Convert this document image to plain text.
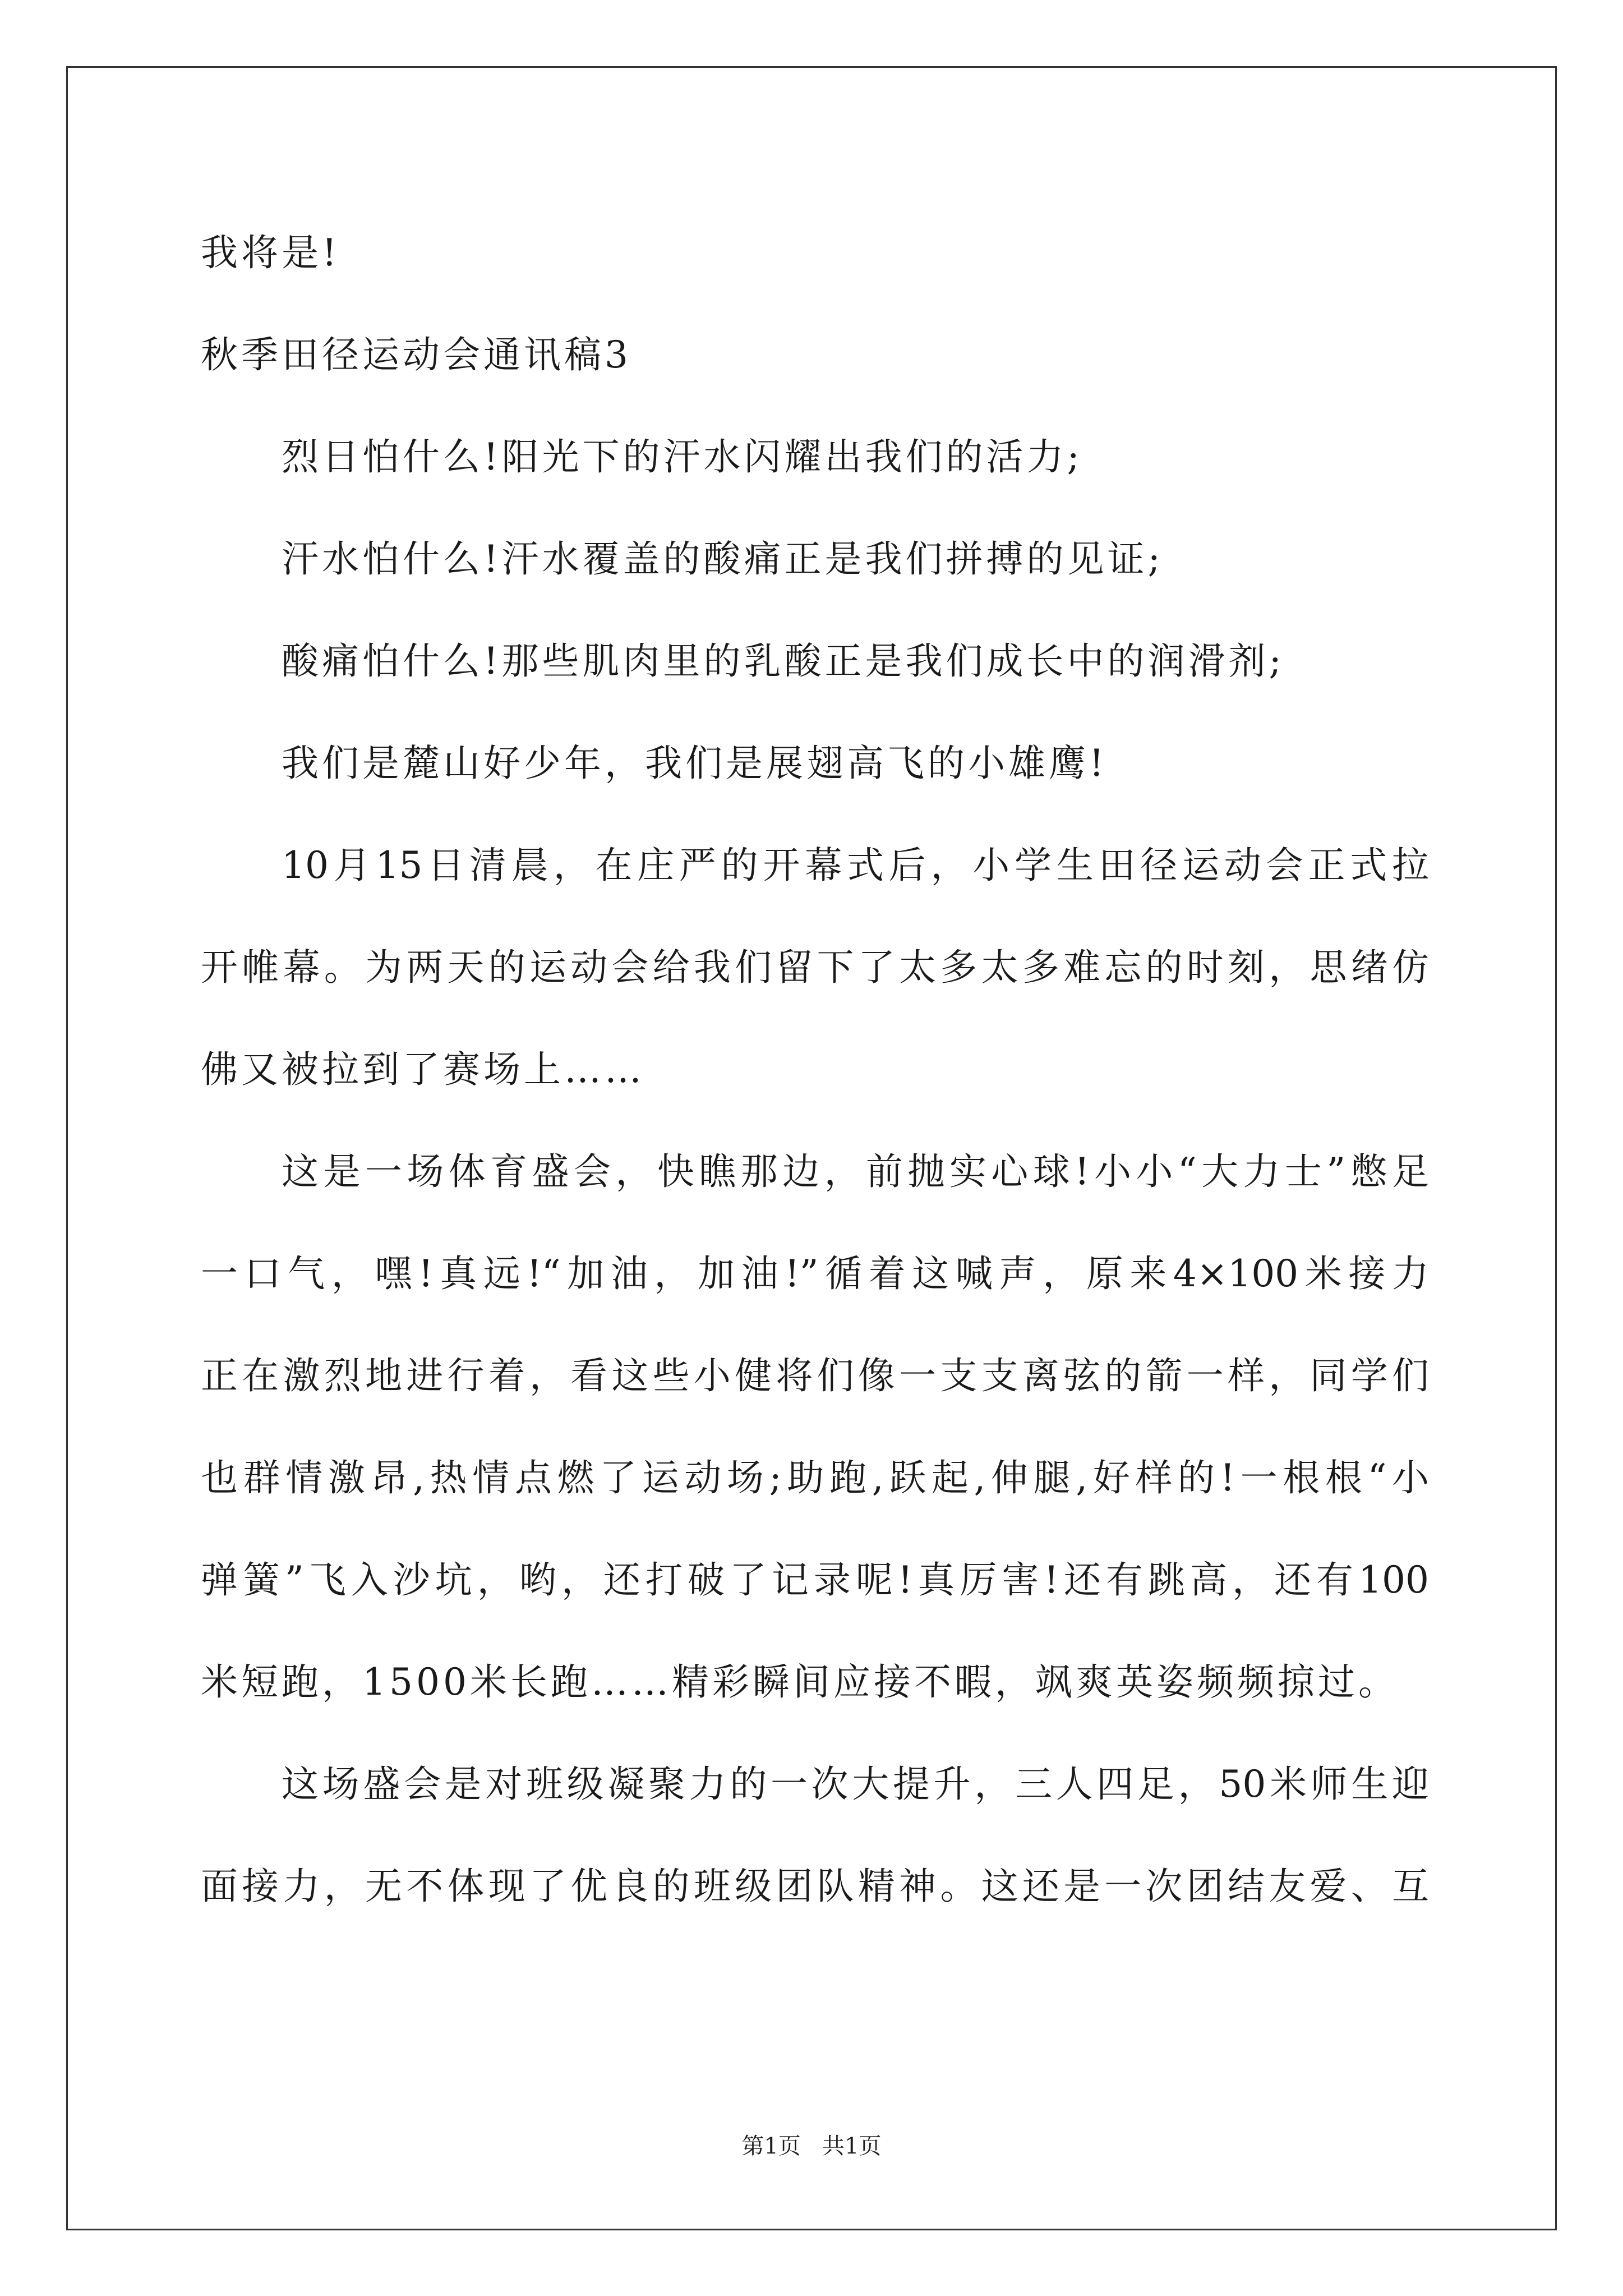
我将是!
秋季田径运动会通讯稿3
烈日怕什么!阳光下的汗水闪耀出我们的活力;
汗水怕什么!汗水覆盖的酸痛正是我们拼搏的见证;
酸痛怕什么!那些肌肉里的乳酸正是我们成长中的润滑剂;
我们是麓山好少年，我们是展翅高飞的小雄鹰!
10月15日清晨，在庄严的开幕式后，小学生田径运动会正式拉
开帷幕。为两天的运动会给我们留下了太多太多难忘的时刻，思绪仿
佛又被拉到了赛场上……
这是一场体育盛会，快瞧那边，前抛实心球!小小“大力士”憋足
一口气，嘿!真远!“加油，加油!”循着这喊声，原来4×100米接力
正在激烈地进行着，看这些小健将们像一支支离弦的箭一样，同学们
也群情激昂,热情点燃了运动场;助跑,跃起,伸腿,好样的!一根根“小
弹簧”飞入沙坑，哟，还打破了记录呢!真厉害!还有跳高，还有100
米短跑，1500米长跑……精彩瞬间应接不暇，飒爽英姿频频掠过。
这场盛会是对班级凝聚力的一次大提升，三人四足，50米师生迎
面接力，无不体现了优良的班级团队精神。这还是一次团结友爱、互
第1页   共1页
